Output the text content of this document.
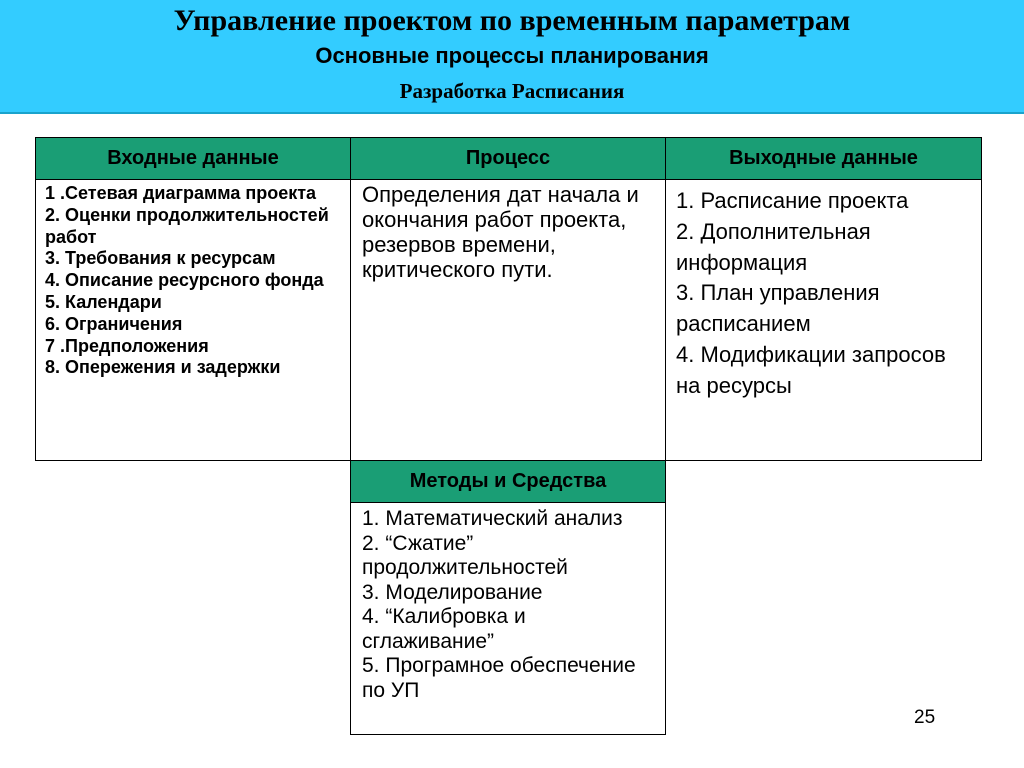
Управление проектом по временным параметрам
Основные процессы планирования
Разработка Расписания
Входные данные
1 .Сетевая диаграмма проекта
2. Оценки продолжительностей работ
3. Требования к ресурсам
4. Описание ресурсного фонда
5. Календари
6. Ограничения
7 .Предположения
8. Опережения и задержки
Процесс
Определения дат начала и окончания работ проекта, резервов времени, критического пути.
Выходные данные
1. Расписание проекта
2. Дополнительная информация
3. План управления расписанием
4. Модификации запросов на ресурсы
Методы и Средства
1. Математический анализ
2. “Сжатие” продолжительностей
3. Моделирование
4. “Калибровка и сглаживание”
5. Програмное обеспечение по УП
25
